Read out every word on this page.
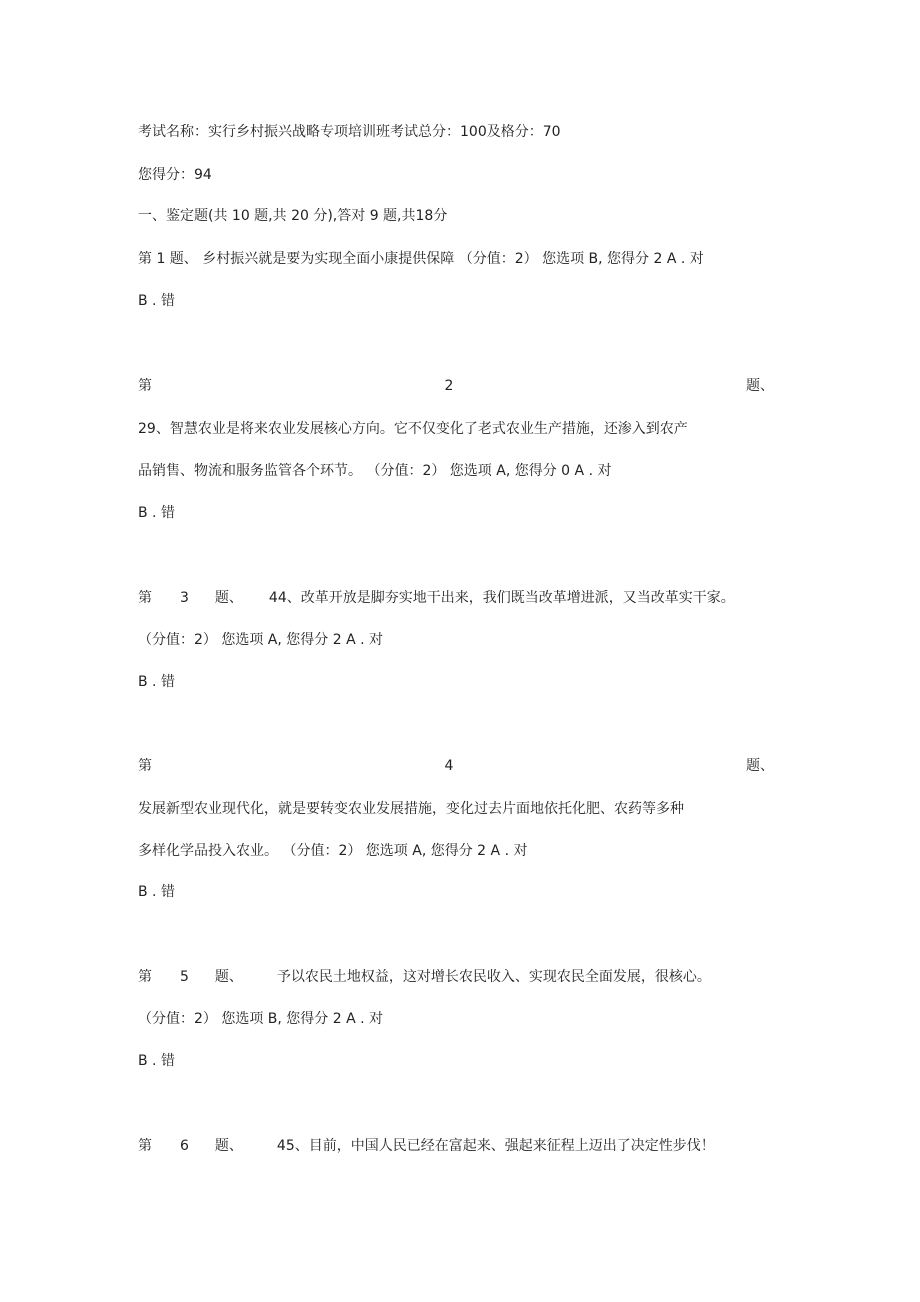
考试名称：实行乡村振兴战略专项培训班考试总分：100及格分：70
您得分：94
一、鉴定题(共 10 题,共 20 分),答对 9 题,共18分
第 1 题、 乡村振兴就是要为实现全面小康提供保障 （分值：2） 您选项 B, 您得分 2 A . 对
B . 错
第	2	题、
29、智慧农业是将来农业发展核心方向。它不仅变化了老式农业生产措施，还渗入到农产
品销售、物流和服务监管各个环节。 （分值：2） 您选项 A, 您得分 0 A . 对
B . 错
第 3 题、 44、改革开放是脚夯实地干出来，我们既当改革增进派，又当改革实干家。
（分值：2） 您选项 A, 您得分 2 A . 对
B . 错
第	4	题、
发展新型农业现代化，就是要转变农业发展措施，变化过去片面地依托化肥、农药等多种
多样化学品投入农业。 （分值：2） 您选项 A, 您得分 2 A . 对
B . 错
第 5 题、 予以农民土地权益，这对增长农民收入、实现农民全面发展，很核心。
（分值：2） 您选项 B, 您得分 2 A . 对
B . 错
第 6 题、 45、目前，中国人民已经在富起来、强起来征程上迈出了决定性步伐！
